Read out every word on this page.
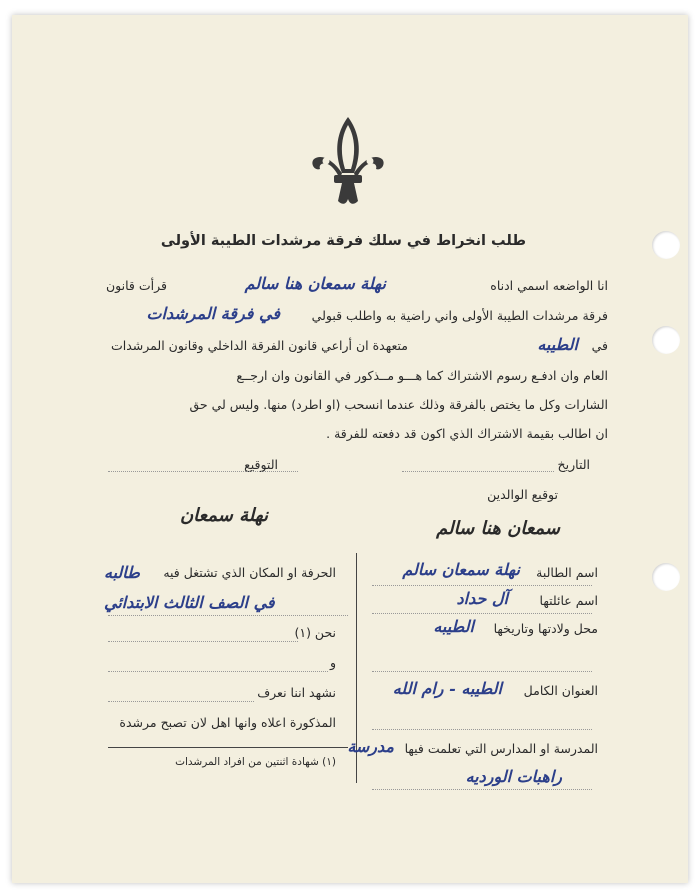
طلب انخراط في سلك فرقة مرشدات الطيبة الأولى
انا الواضعه اسمي ادناه
نهلة سمعان هنا سالم
قرأت قانون
فرقة مرشدات الطيبة الأولى واني راضية به واطلب قبولي
في فرقة المرشدات
في
الطيبه
متعهدة ان أراعي قانون الفرقة الداخلي وقانون المرشدات
العام وان ادفـع رسوم الاشتراك كما هـــو مــذكور في القانون وان ارجــع
الشارات وكل ما يختص بالفرقة وذلك عندما انسحب (او اطرد) منها. وليس لي حق
ان اطالب بقيمة الاشتراك الذي اكون قد دفعته للفرقة .
التاريخ
التوقيع
توقيع الوالدين
نهلة سمعان
سمعان هنا سالم
اسم الطالبة
نهلة سمعان سالم
اسم عائلتها
آل حداد
محل ولادتها وتاريخها
الطيبه
العنوان الكامل
الطيبه - رام الله
المدرسة او المدارس التي تعلمت فيها
مدرسة
راهبات الورديه
الحرفة او المكان الذي تشتغل فيه
طالبه
في الصف الثالث الابتدائي
نحن (١)
و
نشهد اننا نعرف
المذكورة اعلاه وانها اهل لان تصبح مرشدة
(١) شهادة اثنتين من افراد المرشدات
